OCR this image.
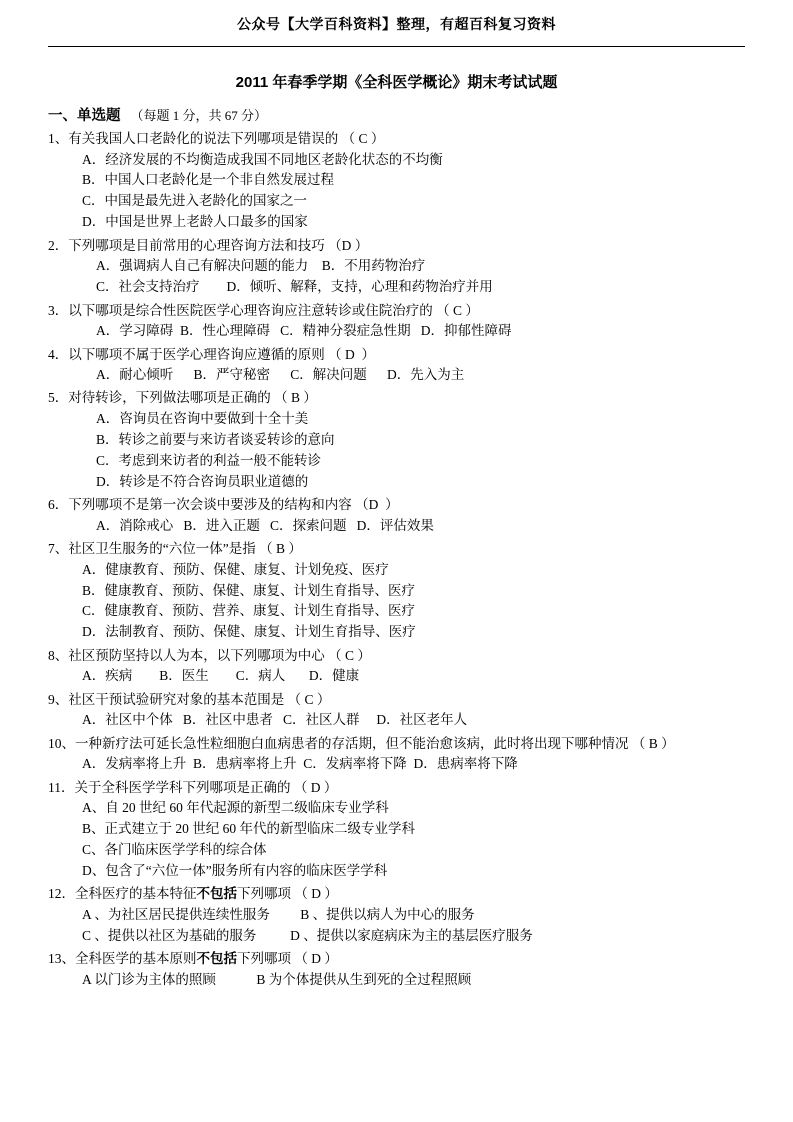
公众号【大学百科资料】整理，有超百科复习资料
2011 年春季学期《全科医学概论》期末考试试题
一、单选题 （每题 1 分，共 67 分）
1、有关我国人口老龄化的说法下列哪项是错误的 （ C ）
A．经济发展的不均衡造成我国不同地区老龄化状态的不均衡
B．中国人口老龄化是一个非自然发展过程
C．中国是最先进入老龄化的国家之一
D．中国是世界上老龄人口最多的国家
2．下列哪项是目前常用的心理咨询方法和技巧 （D ）
A．强调病人自己有解决问题的能力    B．不用药物治疗
C．社会支持治疗        D．倾听、解释，支持，心理和药物治疗并用
3．以下哪项是综合性医院医学心理咨询应注意转诊或住院治疗的 （ C ）
A．学习障碍  B．性心理障碍   C．精神分裂症急性期   D．抑郁性障碍
4．以下哪项不属于医学心理咨询应遵循的原则 （ D  ）
A．耐心倾听      B．严守秘密      C．解决问题      D．先入为主
5．对待转诊，下列做法哪项是正确的 （ B ）
A．咨询员在咨询中要做到十全十美
B．转诊之前要与来访者谈妥转诊的意向
C．考虑到来访者的利益一般不能转诊
D．转诊是不符合咨询员职业道德的
6．下列哪项不是第一次会谈中要涉及的结构和内容 （D  ）
A．消除戒心   B．进入正题   C．探索问题   D．评估效果
7、社区卫生服务的“六位一体”是指 （ B ）
A．健康教育、预防、保健、康复、计划免疫、医疗
B．健康教育、预防、保健、康复、计划生育指导、医疗
C．健康教育、预防、营养、康复、计划生育指导、医疗
D．法制教育、预防、保健、康复、计划生育指导、医疗
8、社区预防坚持以人为本，以下列哪项为中心 （ C ）
A．疾病        B．医生        C．病人       D．健康
9、社区干预试验研究对象的基本范围是 （ C ）
A．社区中个体   B．社区中患者   C．社区人群     D．社区老年人
10、一种新疗法可延长急性粒细胞白血病患者的存活期，但不能治愈该病，此时将出现下哪种情况 （ B ）
A．发病率将上升  B．患病率将上升  C．发病率将下降  D．患病率将下降
11．关于全科医学学科下列哪项是正确的 （ D ）
A、自 20 世纪 60 年代起源的新型二级临床专业学科
B、正式建立于 20 世纪 60 年代的新型临床二级专业学科
C、各门临床医学学科的综合体
D、包含了“六位一体”服务所有内容的临床医学学科
12．全科医疗的基本特征不包括下列哪项 （ D ）
A 、为社区居民提供连续性服务         B 、提供以病人为中心的服务
C 、提供以社区为基础的服务          D 、提供以家庭病床为主的基层医疗服务
13、全科医学的基本原则不包括下列哪项 （ D ）
A 以门诊为主体的照顾            B 为个体提供从生到死的全过程照顾
